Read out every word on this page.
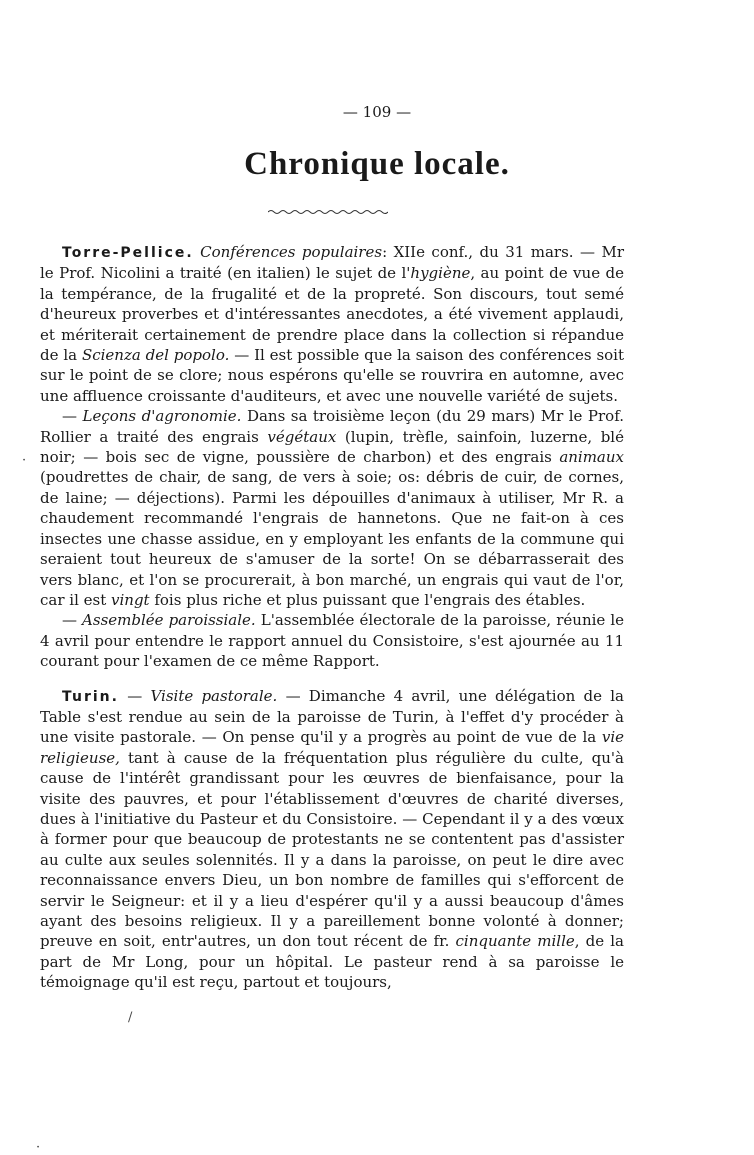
— 109 —
Chronique locale.

Torre-Pellice. Conférences populaires: XIIe conf., du 31 mars. — Mr le Prof. Nicolini a traité (en italien) le sujet de l'hygiène, au point de vue de la tempérance, de la frugalité et de la propreté. Son discours, tout semé d'heureux proverbes et d'intéressantes anecdotes, a été vivement applaudi, et mériterait certainement de prendre place dans la collection si répandue de la Scienza del popolo. — Il est possible que la saison des conférences soit sur le point de se clore; nous espérons qu'elle se rouvrira en automne, avec une affluence croissante d'auditeurs, et avec une nouvelle variété de sujets.

— Leçons d'agronomie. Dans sa troisième leçon (du 29 mars) Mr le Prof. Rollier a traité des engrais végétaux (lupin, trèfle, sainfoin, luzerne, blé noir; — bois sec de vigne, poussière de charbon) et des engrais animaux (poudrettes de chair, de sang, de vers à soie; os: débris de cuir, de cornes, de laine; — déjections). Parmi les dépouilles d'animaux à utiliser, Mr R. a chaudement recommandé l'engrais de hannetons. Que ne fait-on à ces insectes une chasse assidue, en y employant les enfants de la commune qui seraient tout heureux de s'amuser de la sorte! On se débarrasserait des vers blanc, et l'on se procurerait, à bon marché, un engrais qui vaut de l'or, car il est vingt fois plus riche et plus puissant que l'engrais des étables.

— Assemblée paroissiale. L'assemblée électorale de la paroisse, réunie le 4 avril pour entendre le rapport annuel du Consistoire, s'est ajournée au 11 courant pour l'examen de ce même Rapport.

Turin. — Visite pastorale. — Dimanche 4 avril, une délégation de la Table s'est rendue au sein de la paroisse de Turin, à l'effet d'y procéder à une visite pastorale. — On pense qu'il y a progrès au point de vue de la vie religieuse, tant à cause de la fréquentation plus régulière du culte, qu'à cause de l'intérêt grandissant pour les œuvres de bienfaisance, pour la visite des pauvres, et pour l'établissement d'œuvres de charité diverses, dues à l'initiative du Pasteur et du Consistoire. — Cependant il y a des vœux à former pour que beaucoup de protestants ne se contentent pas d'assister au culte aux seules solennités. Il y a dans la paroisse, on peut le dire avec reconnaissance envers Dieu, un bon nombre de familles qui s'efforcent de servir le Seigneur: et il y a lieu d'espérer qu'il y a aussi beaucoup d'âmes ayant des besoins religieux. Il y a pareillement bonne volonté à donner; preuve en soit, entr'autres, un don tout récent de fr. cinquante mille, de la part de Mr Long, pour un hôpital. Le pasteur rend à sa paroisse le témoignage qu'il est reçu, partout et toujours,

·
/
·
